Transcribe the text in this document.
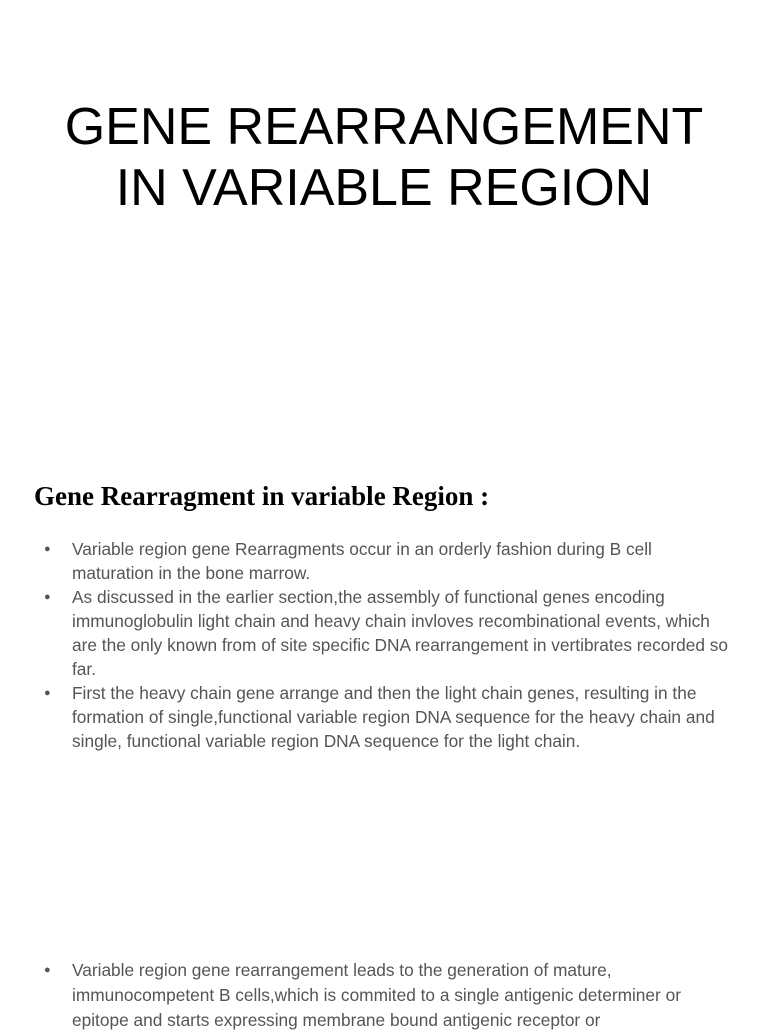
GENE REARRANGEMENT
IN VARIABLE REGION
Gene Rearragment in variable Region :
● Variable region gene Rearragments occur in an orderly fashion during B cell maturation in the bone marrow.
● As discussed in the earlier section,the assembly of functional genes encoding immunoglobulin light chain and heavy chain invloves recombinational events, which are the only known from of site specific DNA rearrangement in vertibrates recorded so far.
● First the heavy chain gene arrange and then the light chain genes, resulting in the formation of single,functional variable region DNA sequence for the heavy chain and single, functional variable region DNA sequence for the light chain.
● Variable region gene rearrangement leads to the generation of mature, immunocompetent B cells,which is commited to a single antigenic determiner or epitope and starts expressing membrane bound antigenic receptor or
